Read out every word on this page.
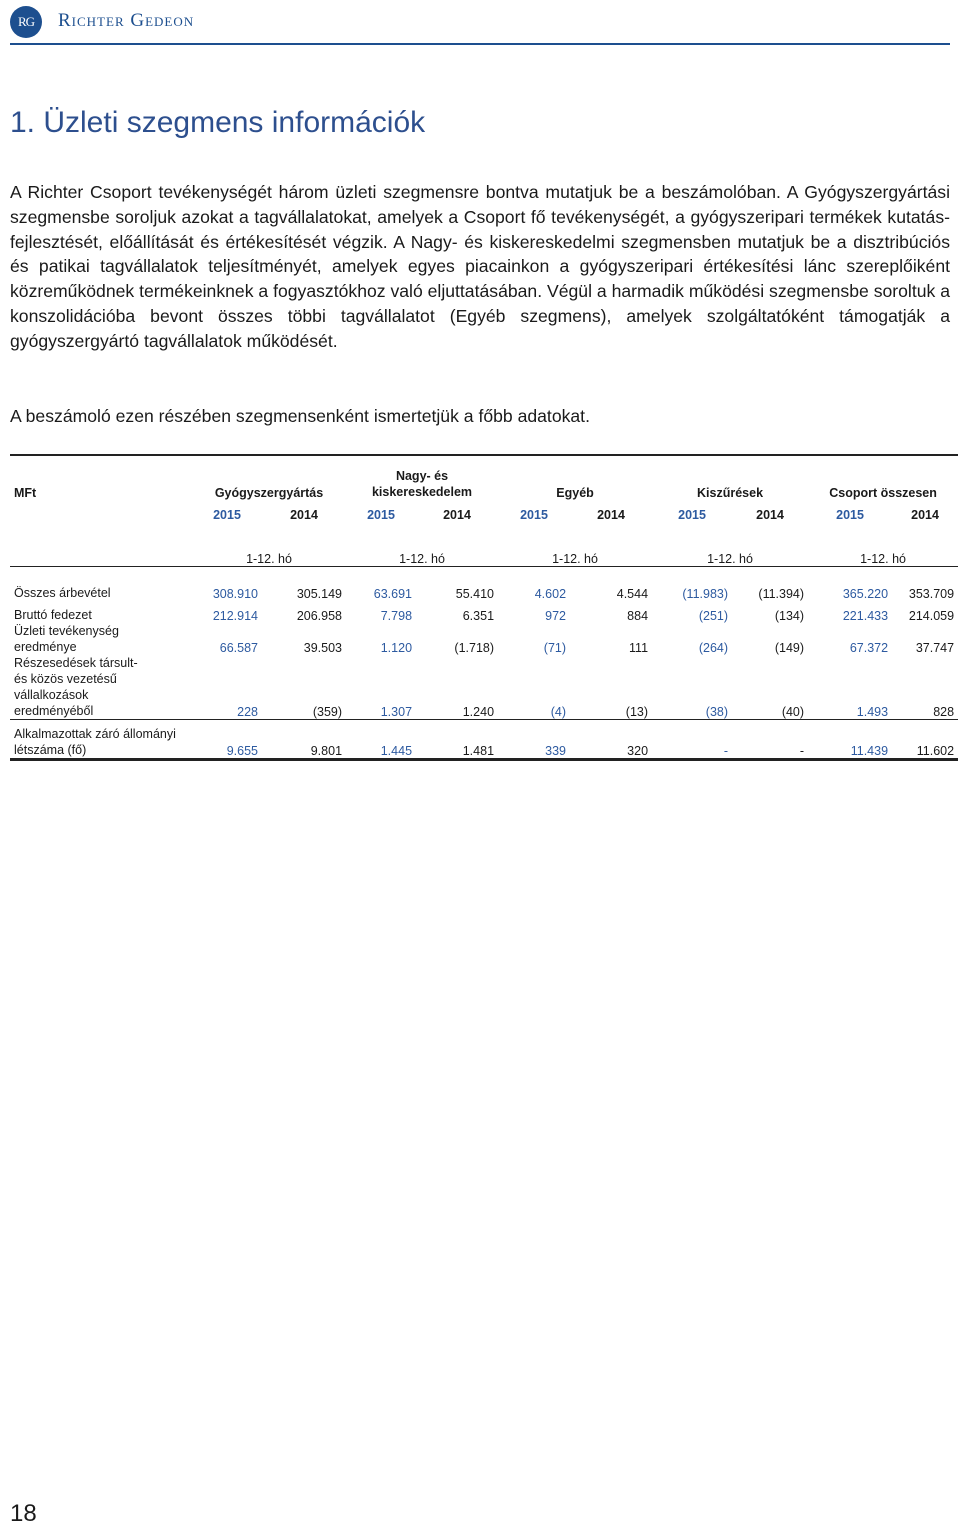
RG	Richter Gedeon
1. Üzleti szegmens információk

A Richter Csoport tevékenységét három üzleti szegmensre bontva mutatjuk be a beszámolóban. A Gyógyszergyártási szegmensbe soroljuk azokat a tagvállalatokat, amelyek a Csoport fő tevékenységét, a gyógyszeripari termékek kutatás-fejlesztését, előállítását és értékesítését végzik. A Nagy- és kiskereskedelmi szegmensben mutatjuk be a disztribúciós és patikai tagvállalatok teljesítményét, amelyek egyes piacainkon a gyógyszeripari értékesítési lánc szereplőiként közreműködnek termékeinknek a fogyasztókhoz való eljuttatásában. Végül a harmadik működési szegmensbe soroltuk a konszolidációba bevont összes többi tagvállalatot (Egyéb szegmens), amelyek szolgáltatóként támogatják a gyógyszergyártó tagvállalatok működését.

A beszámoló ezen részében szegmensenként ismertetjük a főbb adatokat.

MFt	Gyógyszergyártás		Nagy- és kiskereskedelem		Egyéb		Kiszűrések		Csoport összesen	
	2015	2014	2015	2014	2015	2014	2015	2014	2015	2014
	1-12. hó		1-12. hó		1-12. hó		1-12. hó		1-12. hó	

Összes árbevétel	308.910	305.149	63.691	55.410	4.602	4.544	(11.983)	(11.394)	365.220	353.709
Bruttó fedezet	212.914	206.958	7.798	6.351	972	884	(251)	(134)	221.433	214.059
Üzleti tevékenység eredménye	66.587	39.503	1.120	(1.718)	(71)	111	(264)	(149)	67.372	37.747
Részesedések társult- és közös vezetésű vállalkozások eredményéből	228	(359)	1.307	1.240	(4)	(13)	(38)	(40)	1.493	828
Alkalmazottak záró állományi létszáma (fő)	9.655	9.801	1.445	1.481	339	320	-	-	11.439	11.602
18
